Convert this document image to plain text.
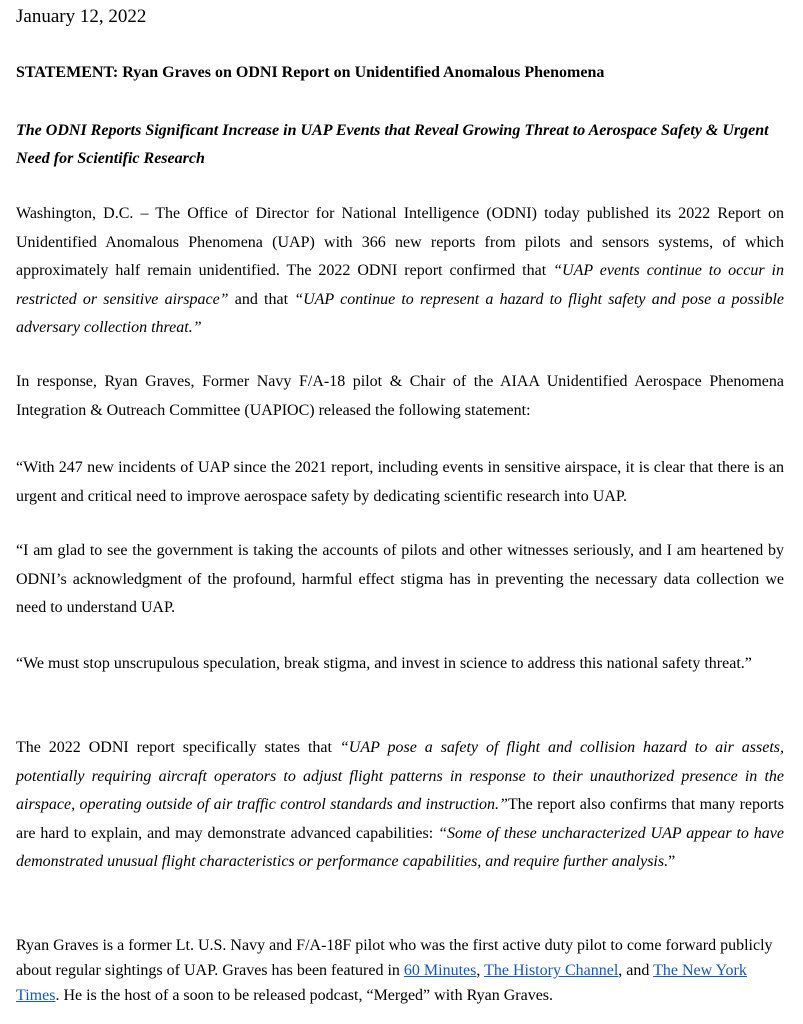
January 12, 2022
STATEMENT: Ryan Graves on ODNI Report on Unidentified Anomalous Phenomena
The ODNI Reports Significant Increase in UAP Events that Reveal Growing Threat to Aerospace Safety & Urgent Need for Scientific Research
Washington, D.C. – The Office of Director for National Intelligence (ODNI) today published its 2022 Report on Unidentified Anomalous Phenomena (UAP) with 366 new reports from pilots and sensors systems, of which approximately half remain unidentified. The 2022 ODNI report confirmed that “UAP events continue to occur in restricted or sensitive airspace” and that “UAP continue to represent a hazard to flight safety and pose a possible adversary collection threat.”
In response, Ryan Graves, Former Navy F/A-18 pilot & Chair of the AIAA Unidentified Aerospace Phenomena Integration & Outreach Committee (UAPIOC) released the following statement:
“With 247 new incidents of UAP since the 2021 report, including events in sensitive airspace, it is clear that there is an urgent and critical need to improve aerospace safety by dedicating scientific research into UAP.
“I am glad to see the government is taking the accounts of pilots and other witnesses seriously, and I am heartened by ODNI’s acknowledgment of the profound, harmful effect stigma has in preventing the necessary data collection we need to understand UAP.
“We must stop unscrupulous speculation, break stigma, and invest in science to address this national safety threat.”
The 2022 ODNI report specifically states that “UAP pose a safety of flight and collision hazard to air assets, potentially requiring aircraft operators to adjust flight patterns in response to their unauthorized presence in the airspace, operating outside of air traffic control standards and instruction.”The report also confirms that many reports are hard to explain, and may demonstrate advanced capabilities: “Some of these uncharacterized UAP appear to have demonstrated unusual flight characteristics or performance capabilities, and require further analysis.”
Ryan Graves is a former Lt. U.S. Navy and F/A-18F pilot who was the first active duty pilot to come forward publicly about regular sightings of UAP. Graves has been featured in 60 Minutes, The History Channel, and The New York Times. He is the host of a soon to be released podcast, “Merged” with Ryan Graves.
